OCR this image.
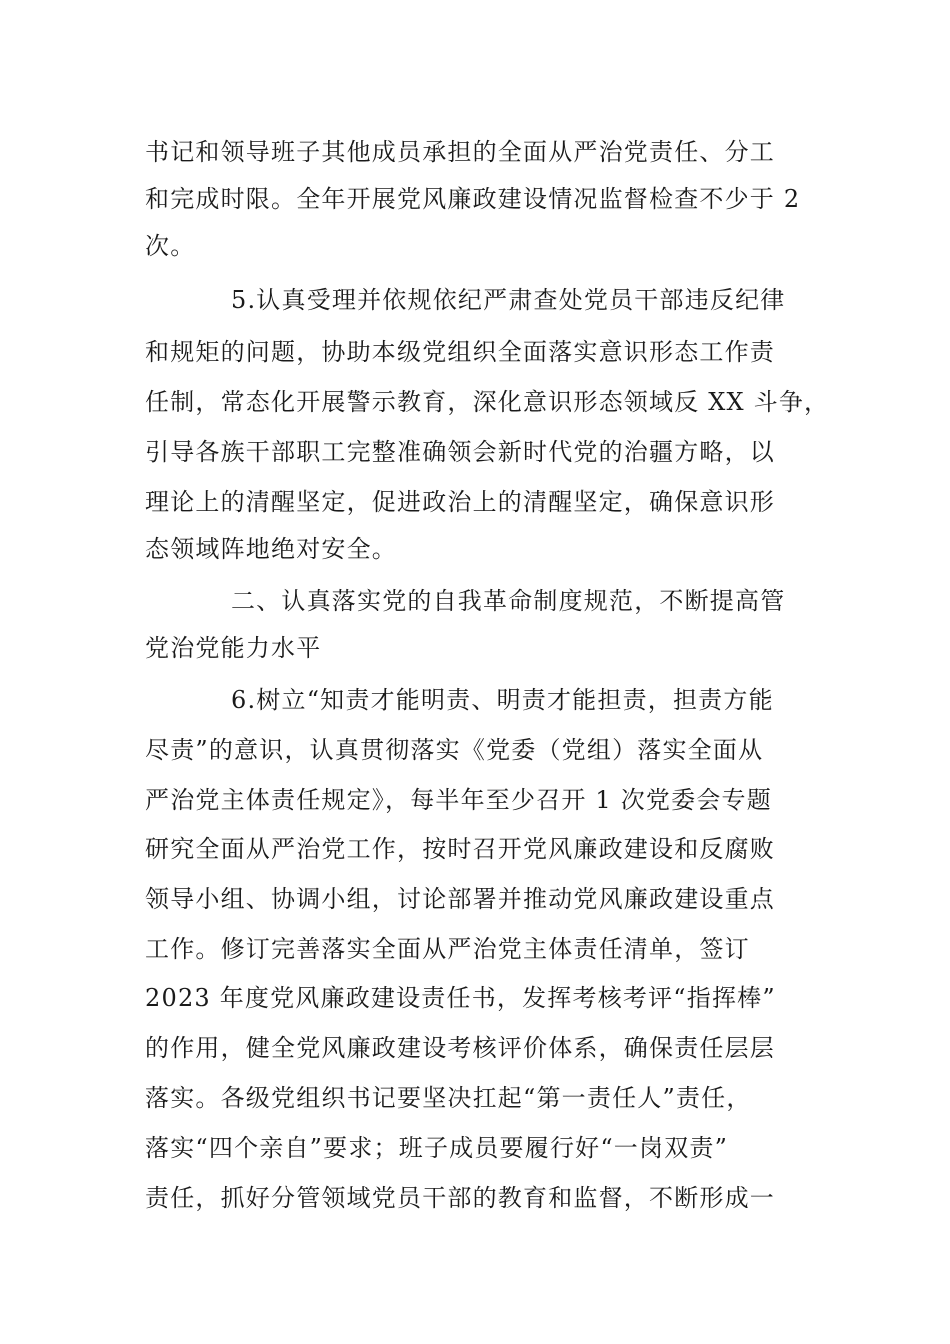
书记和领导班子其他成员承担的全面从严治党责任、分工
和完成时限。全年开展党风廉政建设情况监督检查不少于 2
次。
5.认真受理并依规依纪严肃查处党员干部违反纪律
和规矩的问题，协助本级党组织全面落实意识形态工作责
任制，常态化开展警示教育，深化意识形态领域反 XX 斗争，
引导各族干部职工完整准确领会新时代党的治疆方略，以
理论上的清醒坚定，促进政治上的清醒坚定，确保意识形
态领域阵地绝对安全。
二、认真落实党的自我革命制度规范，不断提高管
党治党能力水平
6.树立“知责才能明责、明责才能担责，担责方能
尽责”的意识，认真贯彻落实《党委（党组）落实全面从
严治党主体责任规定》，每半年至少召开 1 次党委会专题
研究全面从严治党工作，按时召开党风廉政建设和反腐败
领导小组、协调小组，讨论部署并推动党风廉政建设重点
工作。修订完善落实全面从严治党主体责任清单，签订
2023 年度党风廉政建设责任书，发挥考核考评“指挥棒”
的作用，健全党风廉政建设考核评价体系，确保责任层层
落实。各级党组织书记要坚决扛起“第一责任人”责任，
落实“四个亲自”要求；班子成员要履行好“一岗双责”
责任，抓好分管领域党员干部的教育和监督，不断形成一
